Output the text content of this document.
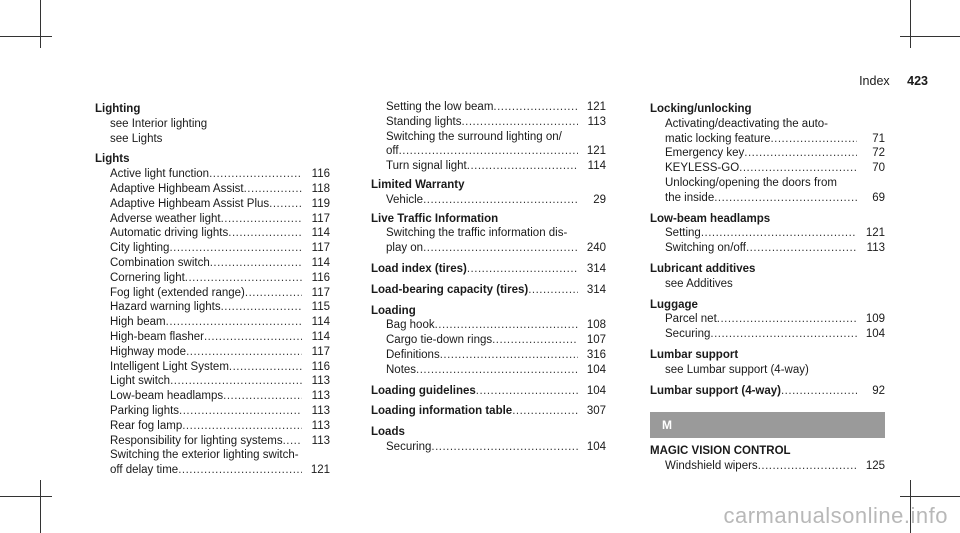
Index 423
Lighting
see Interior lighting
see Lights
Lights
Active light function .....	116
Adaptive Highbeam Assist .....	118
Adaptive Highbeam Assist Plus .....	119
Adverse weather light .....	117
Automatic driving lights .....	114
City lighting .....	117
Combination switch .....	114
Cornering light .....	116
Fog light (extended range) .....	117
Hazard warning lights .....	115
High beam .....	114
High-beam flasher .....	114
Highway mode .....	117
Intelligent Light System .....	116
Light switch .....	113
Low-beam headlamps .....	113
Parking lights .....	113
Rear fog lamp .....	113
Responsibility for lighting systems .....	113
Switching the exterior lighting switch-
off delay time .....	121
Setting the low beam .....	121
Standing lights .....	113
Switching the surround lighting on/
off .....	121
Turn signal light .....	114
Limited Warranty
Vehicle .....	29
Live Traffic Information
Switching the traffic information dis-
play on .....	240
Load index (tires) .....	314
Load-bearing capacity (tires) .....	314
Loading
Bag hook .....	108
Cargo tie-down rings .....	107
Definitions .....	316
Notes .....	104
Loading guidelines .....	104
Loading information table .....	307
Loads
Securing .....	104
Locking/unlocking
Activating/deactivating the auto-
matic locking feature .....	71
Emergency key .....	72
KEYLESS-GO .....	70
Unlocking/opening the doors from
the inside .....	69
Low-beam headlamps
Setting .....	121
Switching on/off .....	113
Lubricant additives
see Additives
Luggage
Parcel net .....	109
Securing .....	104
Lumbar support
see Lumbar support (4-way)
Lumbar support (4-way) .....	92
M
MAGIC VISION CONTROL
Windshield wipers .....	125
carmanualsonline.info
